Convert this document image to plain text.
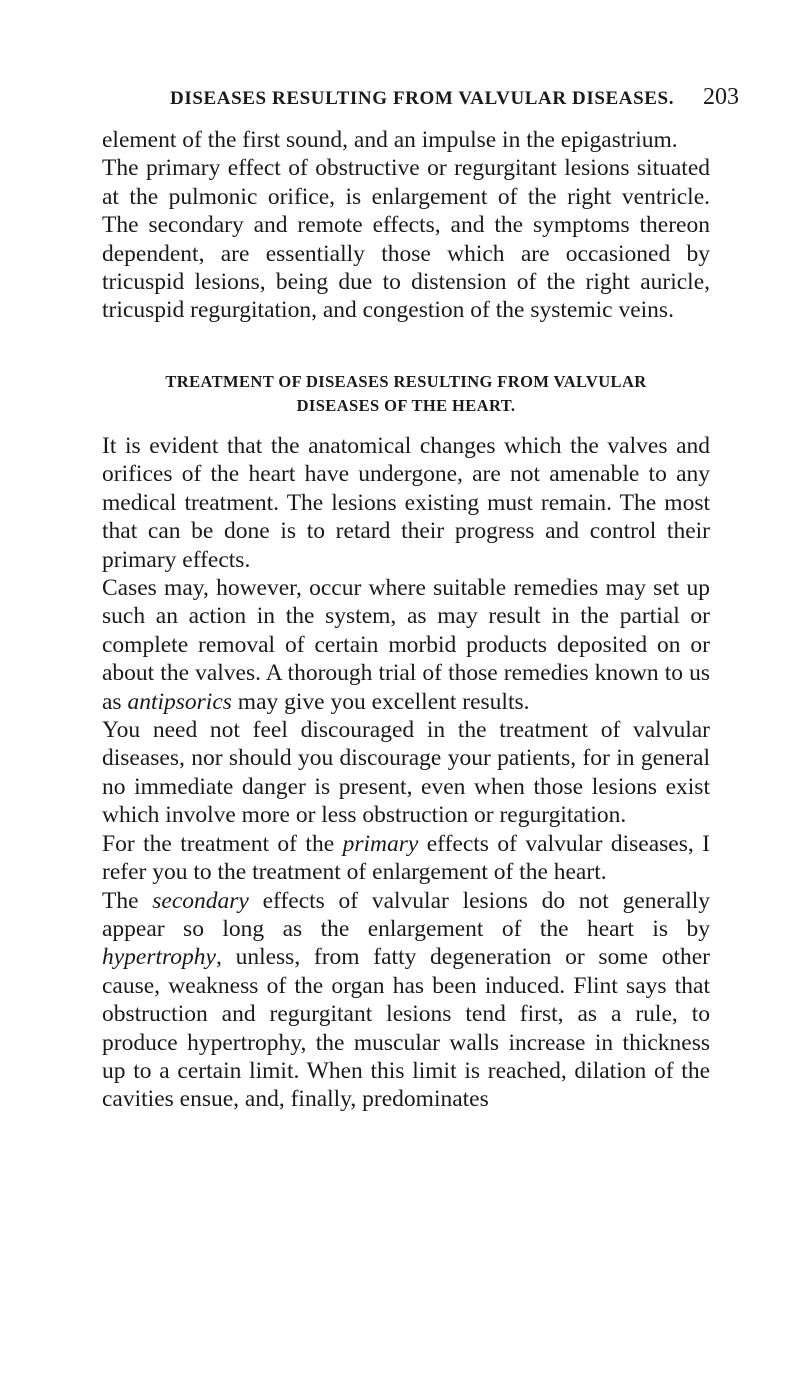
DISEASES RESULTING FROM VALVULAR DISEASES.	203

element of the first sound, and an impulse in the epigastrium.

The primary effect of obstructive or regurgitant lesions situated at the pulmonic orifice, is enlargement of the right ventricle. The secondary and remote effects, and the symptoms thereon dependent, are essentially those which are occasioned by tricuspid lesions, being due to distension of the right auricle, tricuspid regurgitation, and congestion of the systemic veins.

TREATMENT OF DISEASES RESULTING FROM VALVULAR
DISEASES OF THE HEART.

It is evident that the anatomical changes which the valves and orifices of the heart have undergone, are not amenable to any medical treatment. The lesions existing must remain. The most that can be done is to retard their progress and control their primary effects.

Cases may, however, occur where suitable remedies may set up such an action in the system, as may result in the partial or complete removal of certain morbid products deposited on or about the valves. A thorough trial of those remedies known to us as antipsorics may give you excellent results.

You need not feel discouraged in the treatment of valvular diseases, nor should you discourage your patients, for in general no immediate danger is present, even when those lesions exist which involve more or less obstruction or regurgitation.

For the treatment of the primary effects of valvular diseases, I refer you to the treatment of enlargement of the heart.

The secondary effects of valvular lesions do not generally appear so long as the enlargement of the heart is by hypertrophy, unless, from fatty degeneration or some other cause, weakness of the organ has been induced. Flint says that obstruction and regurgitant lesions tend first, as a rule, to produce hypertrophy, the muscular walls increase in thickness up to a certain limit. When this limit is reached, dilation of the cavities ensue, and, finally, predominates
